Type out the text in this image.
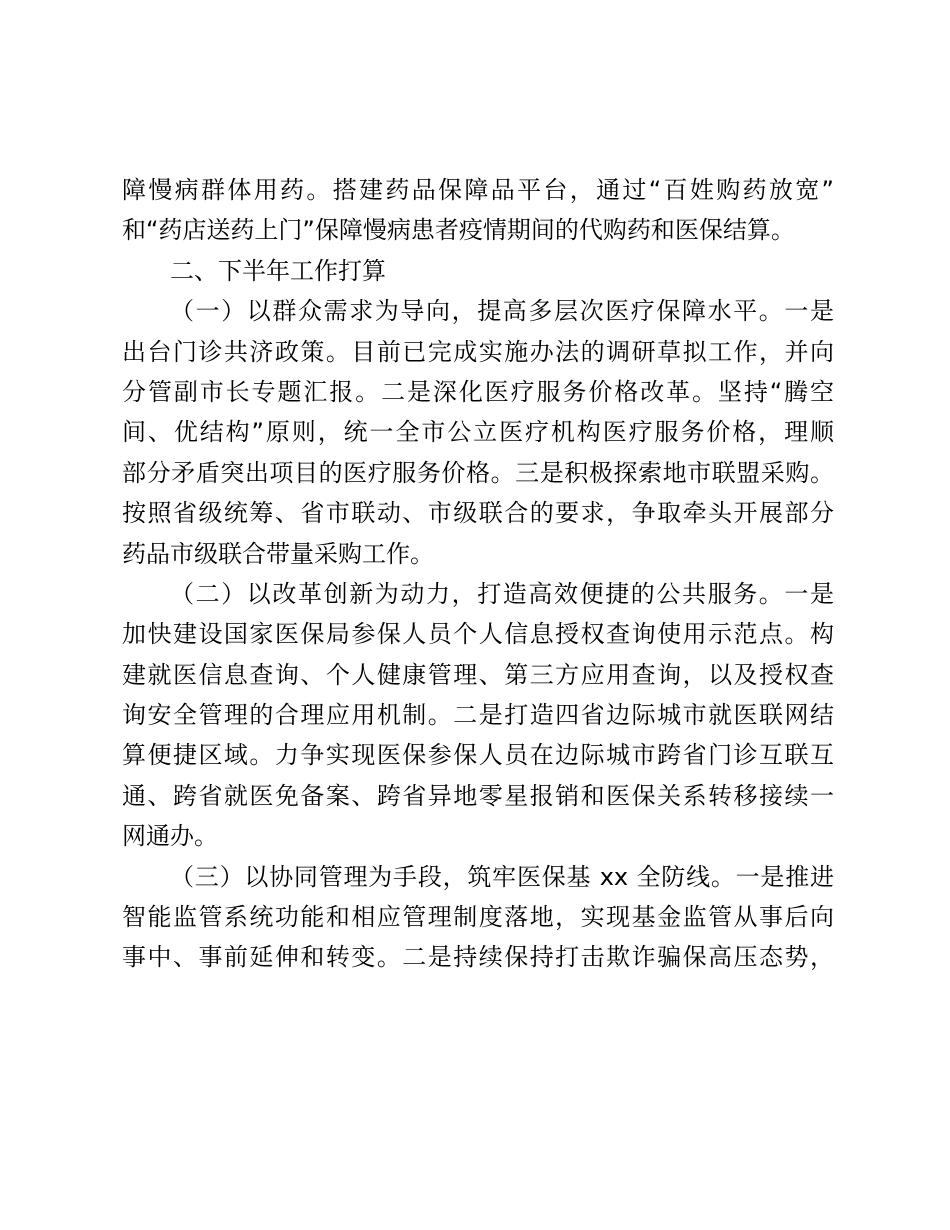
障慢病群体用药。搭建药品保障品平台，通过“百姓购药放宽”
和“药店送药上门”保障慢病患者疫情期间的代购药和医保结算。
二、下半年工作打算
（一）以群众需求为导向，提高多层次医疗保障水平。一是
出台门诊共济政策。目前已完成实施办法的调研草拟工作，并向
分管副市长专题汇报。二是深化医疗服务价格改革。坚持“腾空
间、优结构”原则，统一全市公立医疗机构医疗服务价格，理顺
部分矛盾突出项目的医疗服务价格。三是积极探索地市联盟采购。
按照省级统筹、省市联动、市级联合的要求，争取牵头开展部分
药品市级联合带量采购工作。
（二）以改革创新为动力，打造高效便捷的公共服务。一是
加快建设国家医保局参保人员个人信息授权查询使用示范点。构
建就医信息查询、个人健康管理、第三方应用查询，以及授权查
询安全管理的合理应用机制。二是打造四省边际城市就医联网结
算便捷区域。力争实现医保参保人员在边际城市跨省门诊互联互
通、跨省就医免备案、跨省异地零星报销和医保关系转移接续一
网通办。
（三）以协同管理为手段，筑牢医保基 xx 全防线。一是推进
智能监管系统功能和相应管理制度落地，实现基金监管从事后向
事中、事前延伸和转变。二是持续保持打击欺诈骗保高压态势，
